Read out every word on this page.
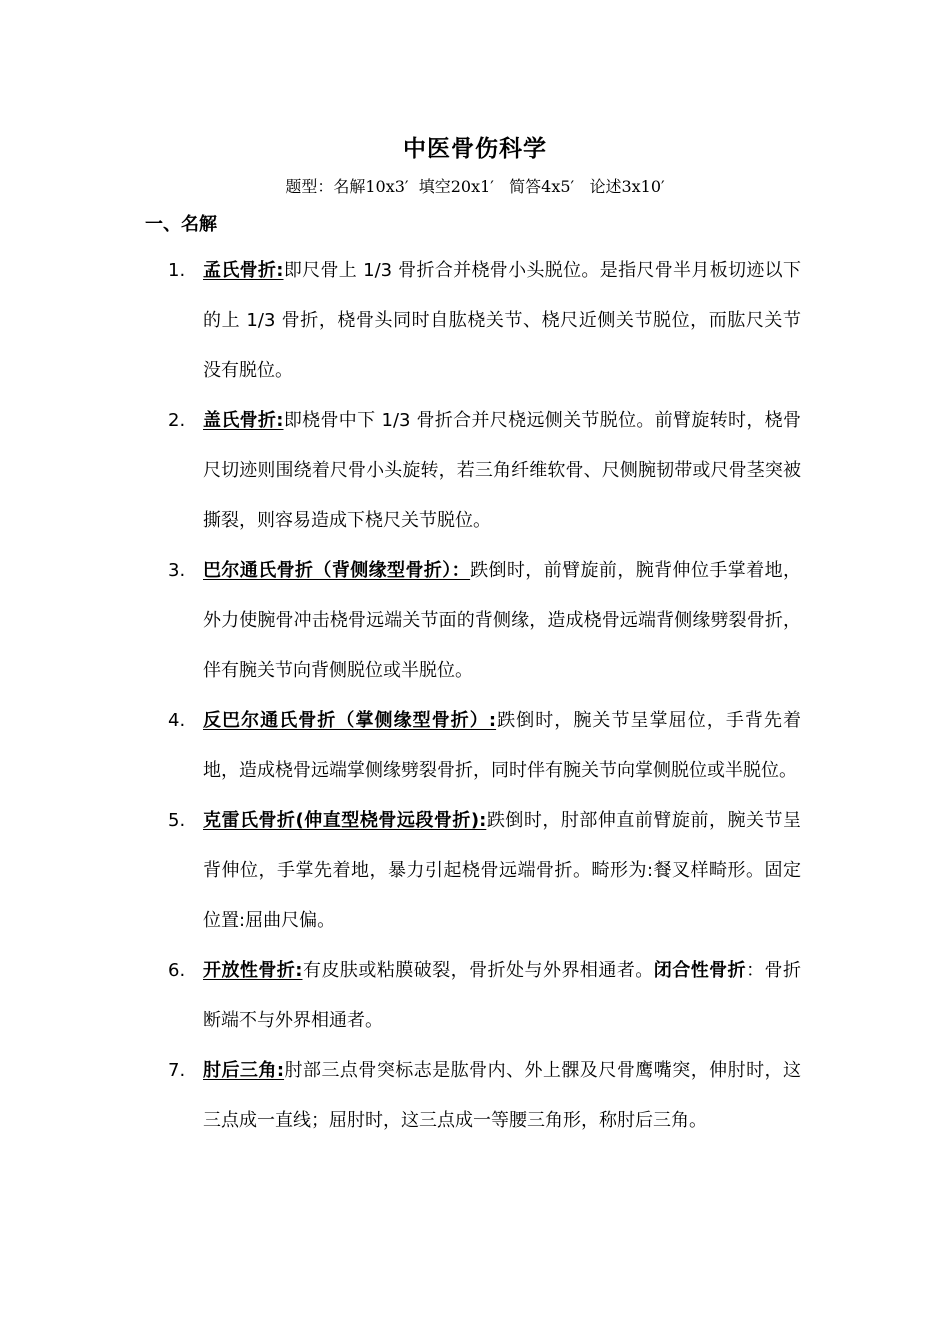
中医骨伤科学
题型：名解10x3′  填空20x1′   简答4x5′   论述3x10′
一、名解
1. 孟氏骨折:即尺骨上 1/3 骨折合并桡骨小头脱位。是指尺骨半月板切迹以下的上 1/3 骨折，桡骨头同时自肱桡关节、桡尺近侧关节脱位，而肱尺关节没有脱位。
2. 盖氏骨折:即桡骨中下 1/3 骨折合并尺桡远侧关节脱位。前臂旋转时，桡骨尺切迹则围绕着尺骨小头旋转，若三角纤维软骨、尺侧腕韧带或尺骨茎突被撕裂，则容易造成下桡尺关节脱位。
3. 巴尔通氏骨折（背侧缘型骨折）：跌倒时，前臂旋前，腕背伸位手掌着地，外力使腕骨冲击桡骨远端关节面的背侧缘，造成桡骨远端背侧缘劈裂骨折，伴有腕关节向背侧脱位或半脱位。
4. 反巴尔通氏骨折（掌侧缘型骨折）:跌倒时，腕关节呈掌屈位，手背先着地，造成桡骨远端掌侧缘劈裂骨折，同时伴有腕关节向掌侧脱位或半脱位。
5. 克雷氏骨折(伸直型桡骨远段骨折):跌倒时，肘部伸直前臂旋前，腕关节呈背伸位，手掌先着地，暴力引起桡骨远端骨折。畸形为:餐叉样畸形。固定位置:屈曲尺偏。
6. 开放性骨折:有皮肤或粘膜破裂，骨折处与外界相通者。闭合性骨折：骨折断端不与外界相通者。
7. 肘后三角:肘部三点骨突标志是肱骨内、外上髁及尺骨鹰嘴突，伸肘时，这三点成一直线；屈肘时，这三点成一等腰三角形，称肘后三角。
